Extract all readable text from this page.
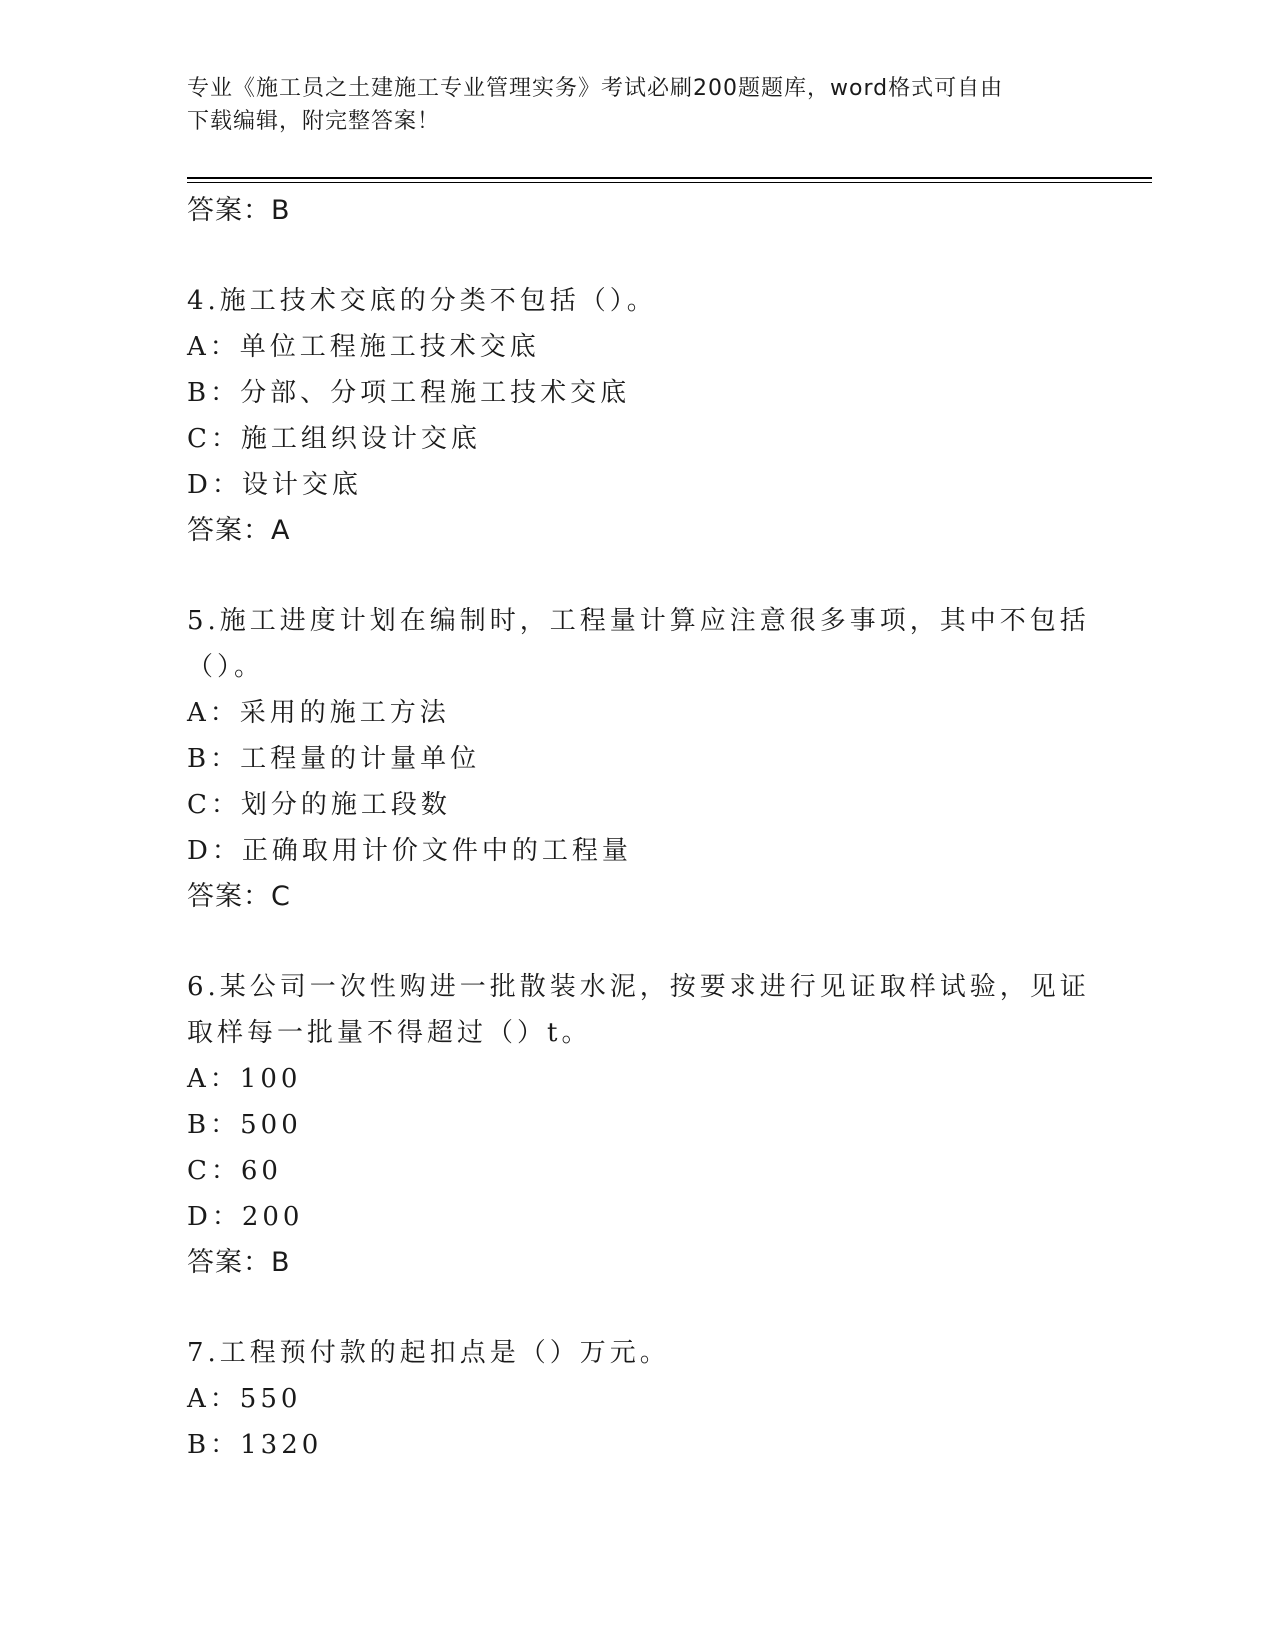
专业《施工员之土建施工专业管理实务》考试必刷200题题库，word格式可自由
下载编辑，附完整答案！
答案：B
4.施工技术交底的分类不包括（）。
A：单位工程施工技术交底
B：分部、分项工程施工技术交底
C：施工组织设计交底
D：设计交底
答案：A
5.施工进度计划在编制时，工程量计算应注意很多事项，其中不包括
（）。
A：采用的施工方法
B：工程量的计量单位
C：划分的施工段数
D：正确取用计价文件中的工程量
答案：C
6.某公司一次性购进一批散装水泥，按要求进行见证取样试验，见证
取样每一批量不得超过（）t。
A：100
B：500
C：60
D：200
答案：B
7.工程预付款的起扣点是（）万元。
A：550
B：1320
